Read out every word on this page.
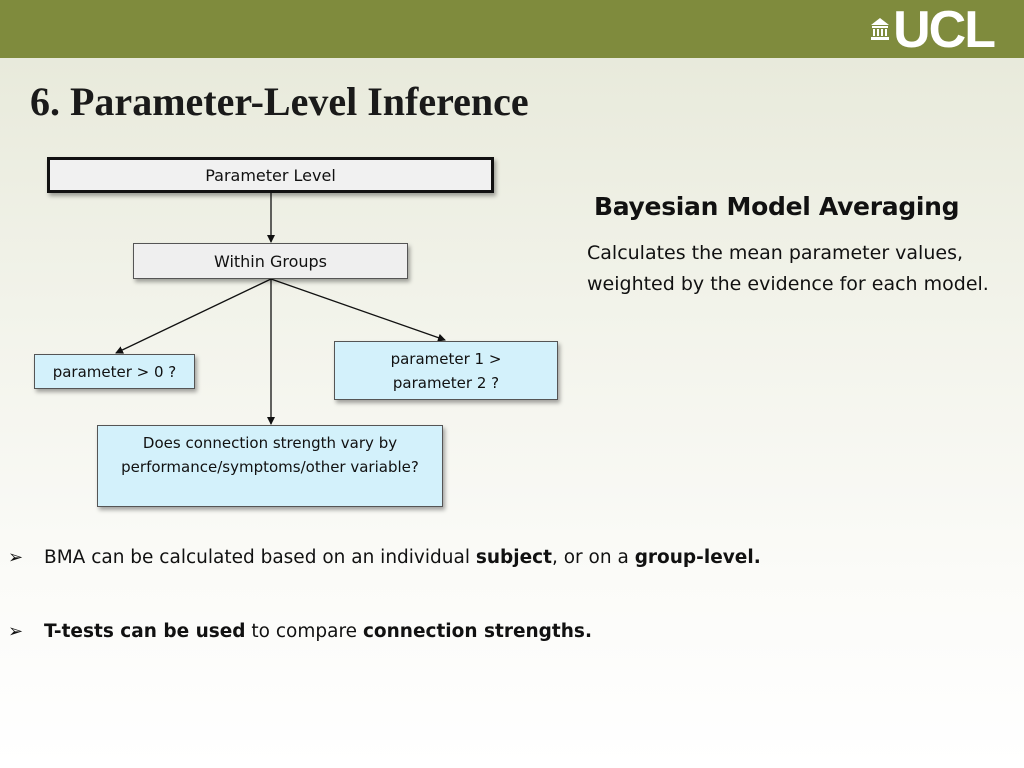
UCL
6. Parameter-Level Inference
Parameter Level
Within Groups
parameter > 0 ?
parameter 1 >
parameter 2 ?
Does connection strength vary by
performance/symptoms/other variable?
Bayesian Model Averaging
Calculates the mean parameter values,
weighted by the evidence for each model.
➢	BMA can be calculated based on an individual subject, or on a group-level.
➢	T-tests can be used to compare connection strengths.
